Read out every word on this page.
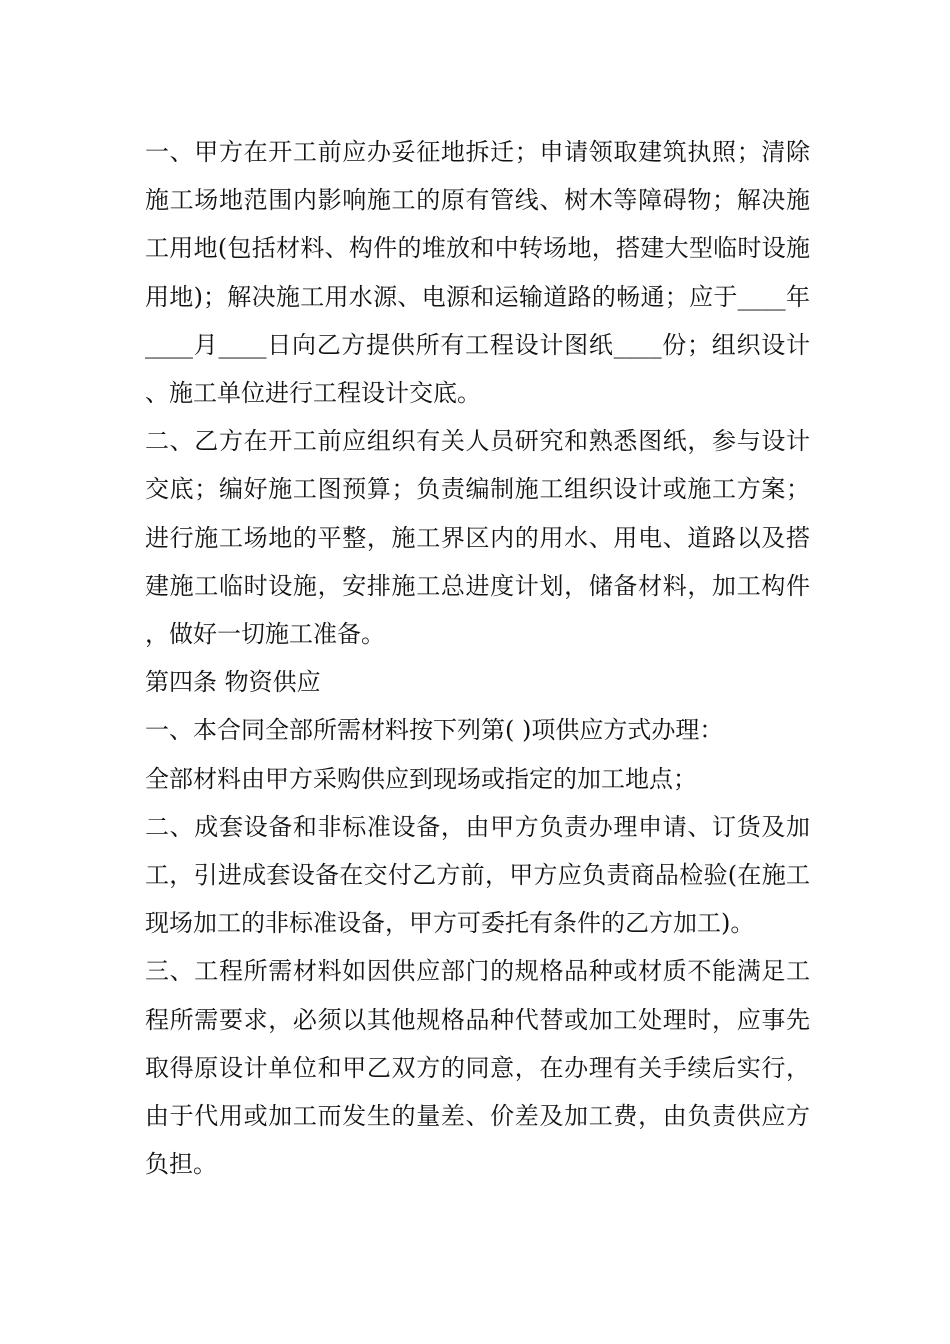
一、甲方在开工前应办妥征地拆迁；申请领取建筑执照；清除施工场地范围内影响施工的原有管线、树木等障碍物；解决施工用地(包括材料、构件的堆放和中转场地，搭建大型临时设施用地)；解决施工用水源、电源和运输道路的畅通；应于____年____月____日向乙方提供所有工程设计图纸____份；组织设计、施工单位进行工程设计交底。

二、乙方在开工前应组织有关人员研究和熟悉图纸，参与设计交底；编好施工图预算；负责编制施工组织设计或施工方案；进行施工场地的平整，施工界区内的用水、用电、道路以及搭建施工临时设施，安排施工总进度计划，储备材料，加工构件，做好一切施工准备。

第四条 物资供应

一、本合同全部所需材料按下列第( )项供应方式办理：

全部材料由甲方采购供应到现场或指定的加工地点；

二、成套设备和非标准设备，由甲方负责办理申请、订货及加工，引进成套设备在交付乙方前，甲方应负责商品检验(在施工现场加工的非标准设备，甲方可委托有条件的乙方加工)。

三、工程所需材料如因供应部门的规格品种或材质不能满足工程所需要求，必须以其他规格品种代替或加工处理时，应事先取得原设计单位和甲乙双方的同意，在办理有关手续后实行，由于代用或加工而发生的量差、价差及加工费，由负责供应方负担。
